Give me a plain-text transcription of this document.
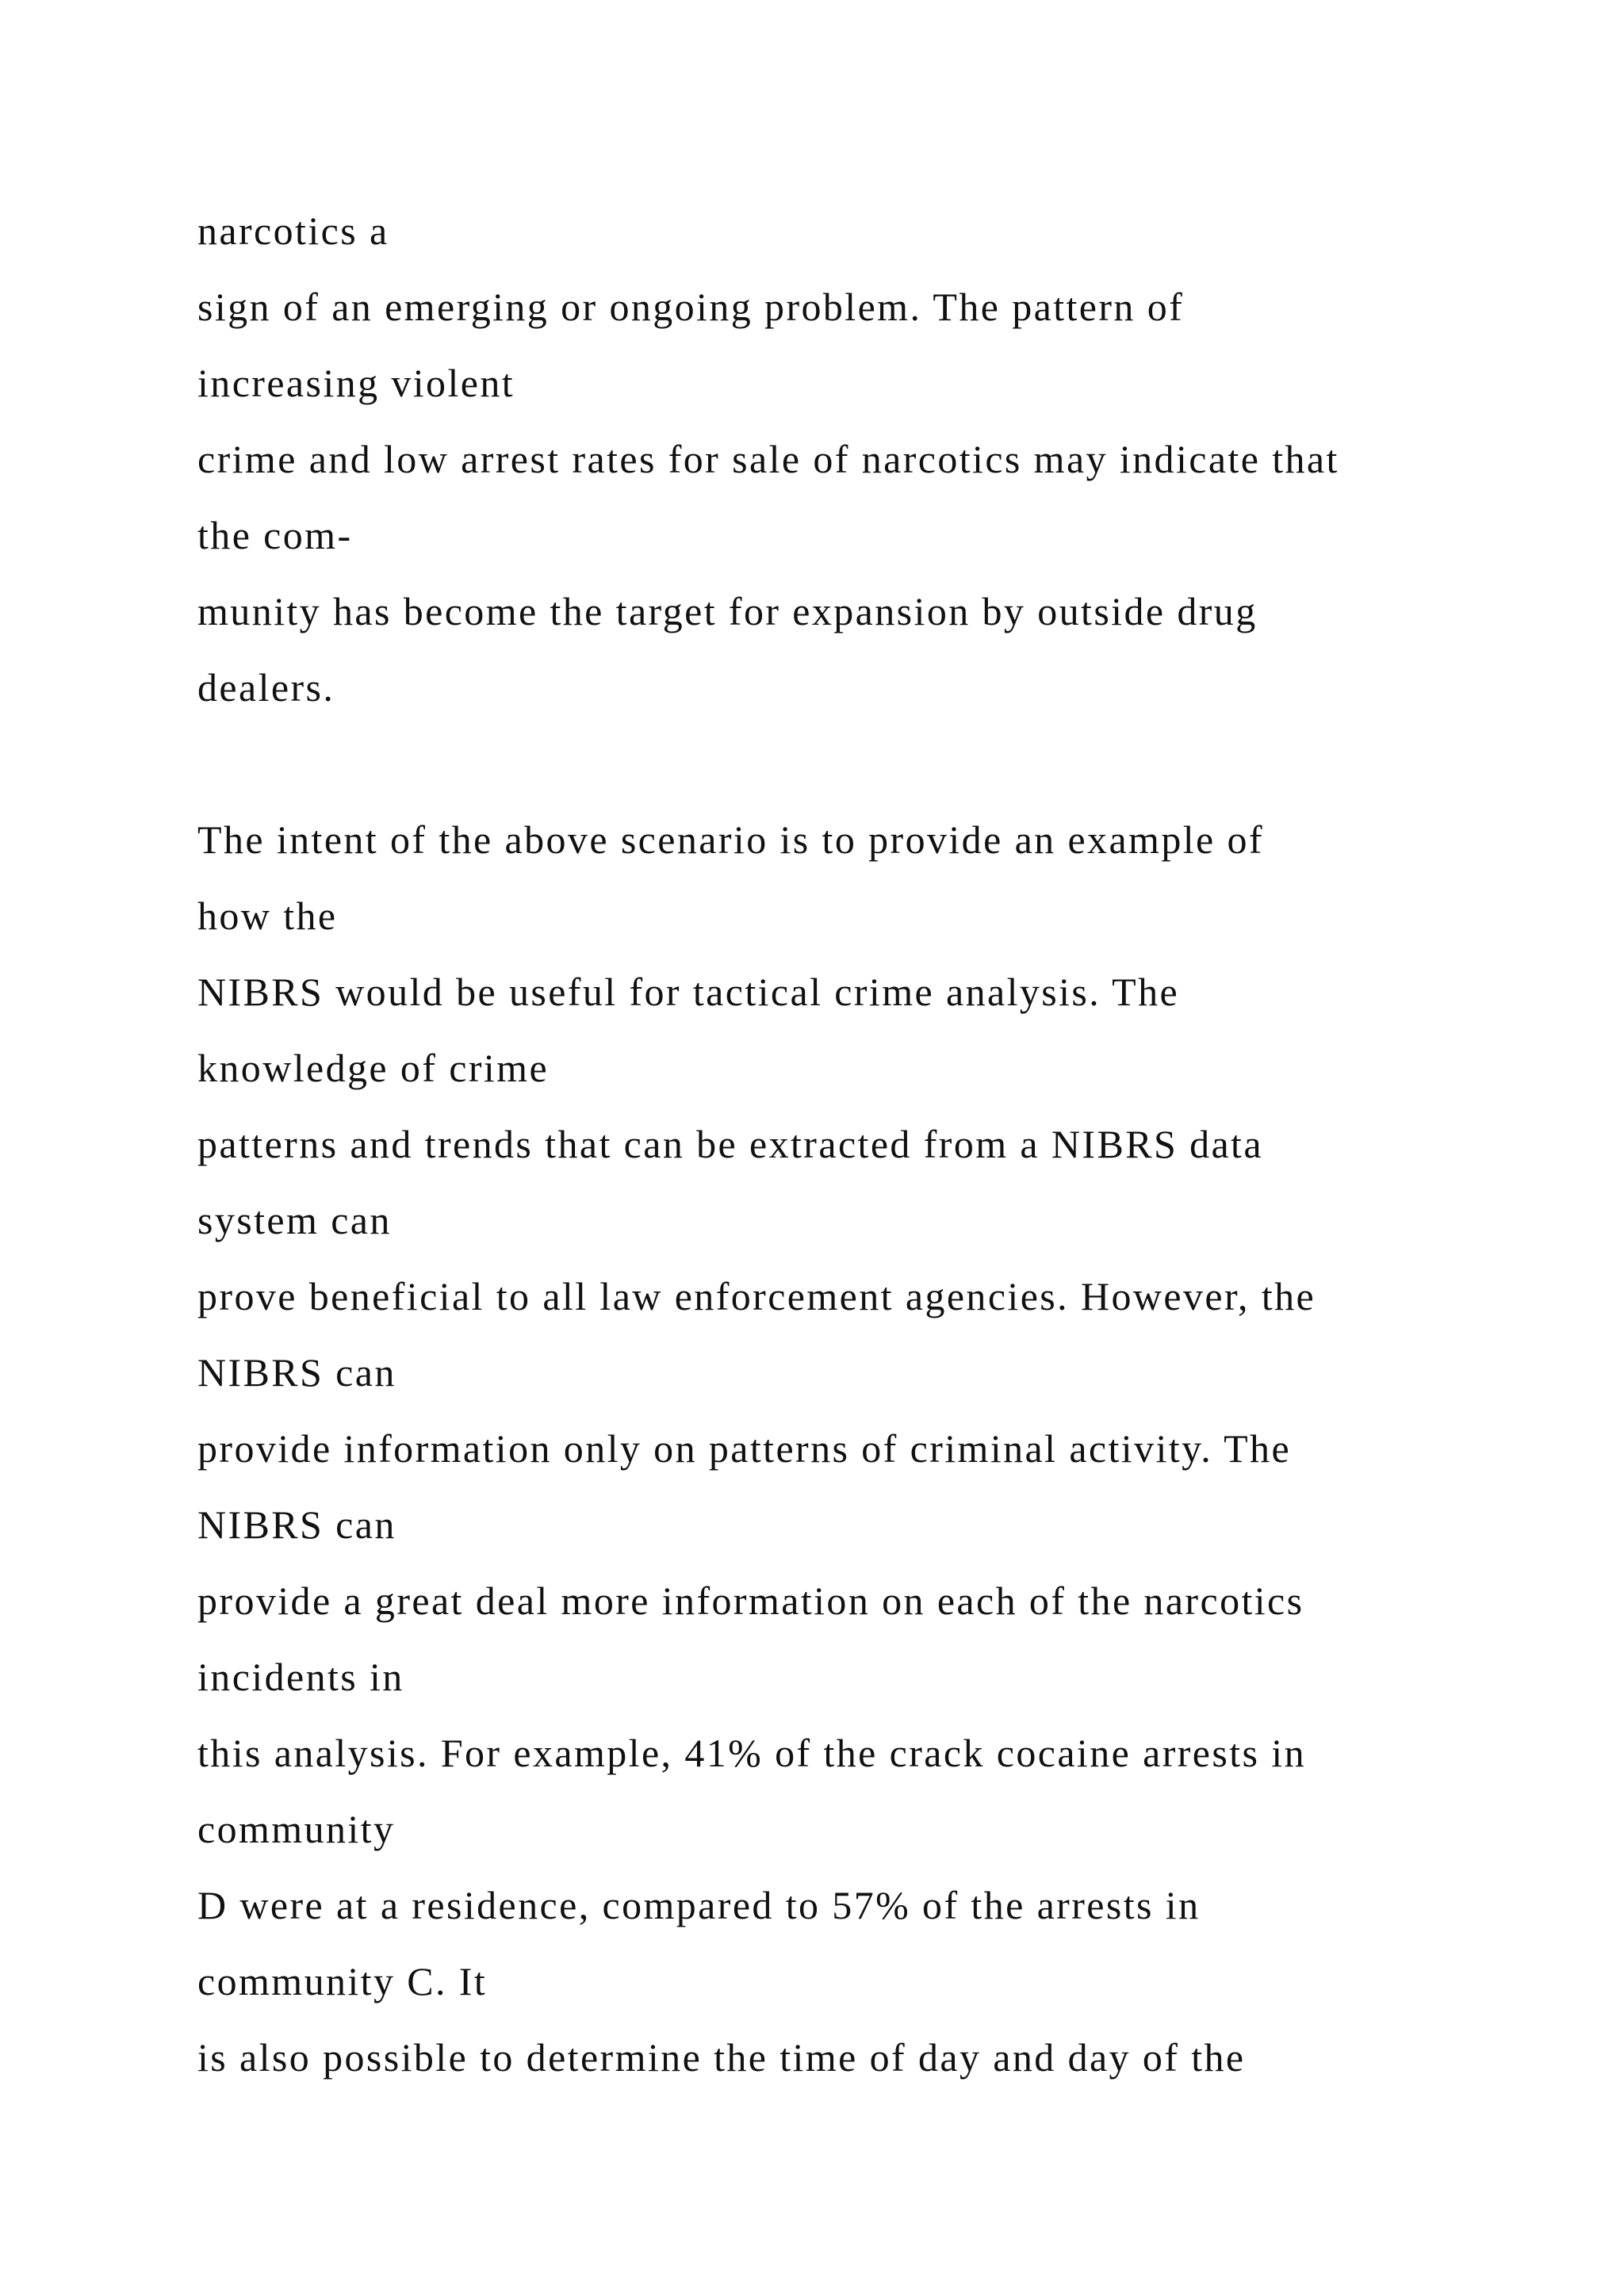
narcotics a
sign of an emerging or ongoing problem. The pattern of
increasing violent
crime and low arrest rates for sale of narcotics may indicate that
the com-
munity has become the target for expansion by outside drug
dealers.
The intent of the above scenario is to provide an example of
how the
NIBRS would be useful for tactical crime analysis. The
knowledge of crime
patterns and trends that can be extracted from a NIBRS data
system can
prove beneficial to all law enforcement agencies. However, the
NIBRS can
provide information only on patterns of criminal activity. The
NIBRS can
provide a great deal more information on each of the narcotics
incidents in
this analysis. For example, 41% of the crack cocaine arrests in
community
D were at a residence, compared to 57% of the arrests in
community C. It
is also possible to determine the time of day and day of the
